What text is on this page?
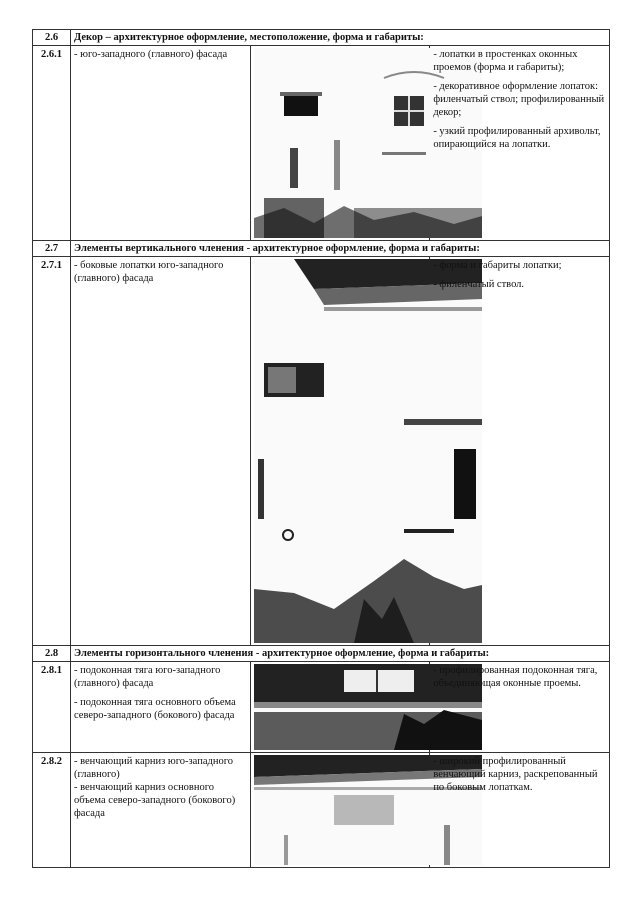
2.6	Декор – архитектурное оформление, местоположение, форма и габариты:		
2.6.1	- юго-западного (главного) фасада		- лопатки в простенках оконных проемов (форма и габариты);

- декоративное оформление лопаток: филенчатый ствол; профилированный декор;

- узкий профилированный архивольт, опирающийся на лопатки.

2.7	Элементы вертикального членения - архитектурное оформление, форма и габариты:		
2.7.1	- боковые лопатки юго-западного (главного) фасада		- форма и габариты лопатки;

- филенчатый ствол.

2.8	Элементы горизонтального членения - архитектурное оформление, форма и габариты:		
2.8.1	- подоконная тяга юго-западного (главного) фасада

- подоконная тяга основного объема северо-западного (бокового) фасада		- профилированная подоконная тяга, объединяющая оконные проемы.

2.8.2	- венчающий карниз юго-западного (главного)

- венчающий карниз основного объема северо-западного (бокового) фасада		- широкий профилированный венчающий карниз, раскрепованный по боковым лопаткам.
